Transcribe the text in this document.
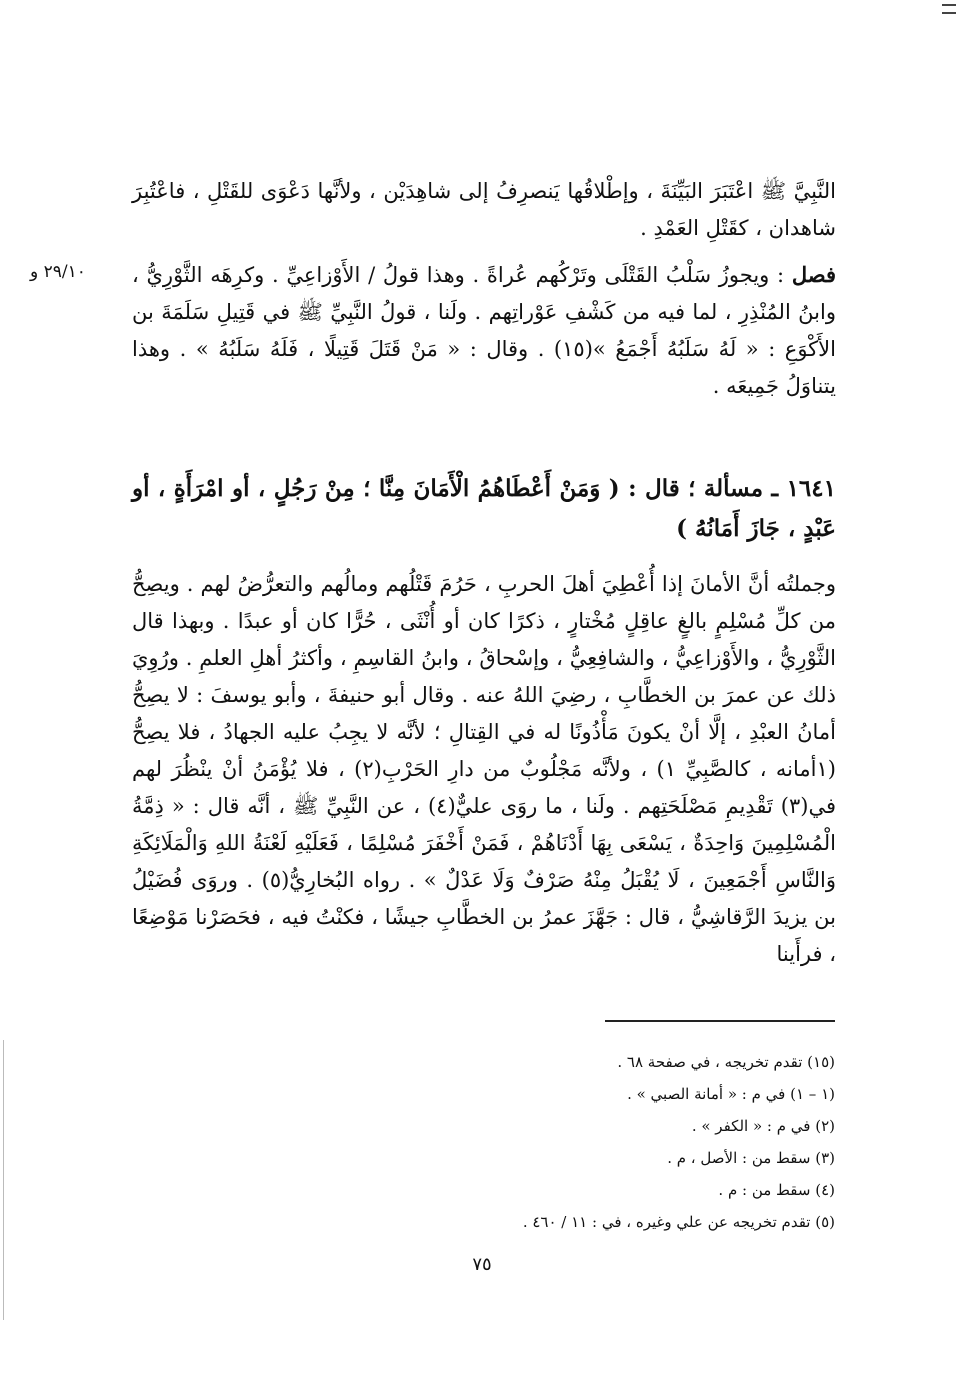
النَّبِيَّ ﷺ اعْتَبَرَ البَيِّنَةَ ، وإطْلاقُها يَنصرِفُ إلى شاهِدَيْن ، ولأنَّها دَعْوَى للقَتْلِ ، فاعْتُبِرَ شاهدان ، كقَتْلِ العَمْدِ .

فصل : ويجوزُ سَلْبُ القَتْلَى وتَرْكُهم عُراةً . وهذا قولُ / الأَوْزاعِيِّ . وكرِهَه الثَّوْرِيُّ ، وابنُ المُنْذِرِ ، لما فيه من كَشْفِ عَوْراتِهم . ولَنا ، قولُ النَّبِيِّ ﷺ في قَتِيلِ سَلَمَةَ بن الأَكْوَعِ : « لَهُ سَلَبُهُ أَجْمَعُ »(١٥) . وقال : « مَنْ قَتَلَ قَتِيلًا ، فَلَهُ سَلَبُهُ » . وهذا يتناوَلُ جَمِيعَه .
٢٩/١٠ و

١٦٤١ ـ مسألة ؛ قال : ( وَمَنْ أَعْطَاهُمُ الْأَمَانَ مِنَّا ؛ مِنْ رَجُلٍ ، أو امْرَأَةٍ ، أو عَبْدٍ ، جَازَ أَمَانُهُ )

وجملتُه أنَّ الأمانَ إذا أُعْطِيَ أهلَ الحربِ ، حَرُمَ قَتْلُهم ومالُهم والتعرُّضُ لهم . ويصِحُّ من كلِّ مُسْلِمٍ بالغٍ عاقِلٍ مُخْتارٍ ، ذكرًا كان أو أُنْثَى ، حُرًّا كان أو عبدًا . وبهذا قال الثَّوْرِيُّ ، والأَوْزاعِيُّ ، والشافِعِيُّ ، وإسْحاقُ ، وابنُ القاسِمِ ، وأكثرُ أهلِ العلمِ . ورُوِيَ ذلك عن عمرَ بن الخطَّابِ ، رضِيَ اللهُ عنه . وقال أبو حنيفةَ ، وأبو يوسفَ : لا يصِحُّ أمانُ العبْدِ ، إلَّا أنْ يكونَ مَأْذُونًا له في القِتالِ ؛ لأنَّه لا يجِبُ عليه الجهادُ ، فلا يصِحُّ (١أمانه ، كالصَّبِيِّ ١) ، ولأنَّه مَجْلُوبٌ من دارِ الحَرْبِ(٢) ، فلا يُؤْمَنُ أنْ ينْظُرَ لهم في(٣) تَقْدِيمِ مَصْلَحَتِهم . ولَنا ، ما روَى عليٌّ(٤) ، عن النَّبِيِّ ﷺ ، أنَّه قال : « ذِمَّةُ الْمُسْلِمِينَ وَاحِدَةٌ ، يَسْعَى بِهَا أَدْنَاهُمْ ، فَمَنْ أَخْفَرَ مُسْلِمًا ، فَعَلَيْهِ لَعْنَةُ اللهِ وَالْمَلَائِكَةِ وَالنَّاسِ أَجْمَعِينَ ، لَا يُقْبَلُ مِنْهُ صَرْفٌ وَلَا عَدْلٌ » . رواه البُخارِيُّ(٥) . وروَى فُضَيْلُ بن يزيدَ الرَّقاشِيُّ ، قال : جَهَّزَ عمرُ بن الخطَّابِ جيشًا ، فكنْتُ فيه ، فحَصَرْنا مَوْضِعًا ، فرأَينا

(١٥) تقدم تخريجه ، في صفحة ٦٨ .
(١ – ١) في م : « أمانة الصبي » .
(٢) في م : « الكفر » .
(٣) سقط من : الأصل ، م .
(٤) سقط من : م .
(٥) تقدم تخريجه عن علي وغيره ، في : ١١ / ٤٦٠ .
٧٥
